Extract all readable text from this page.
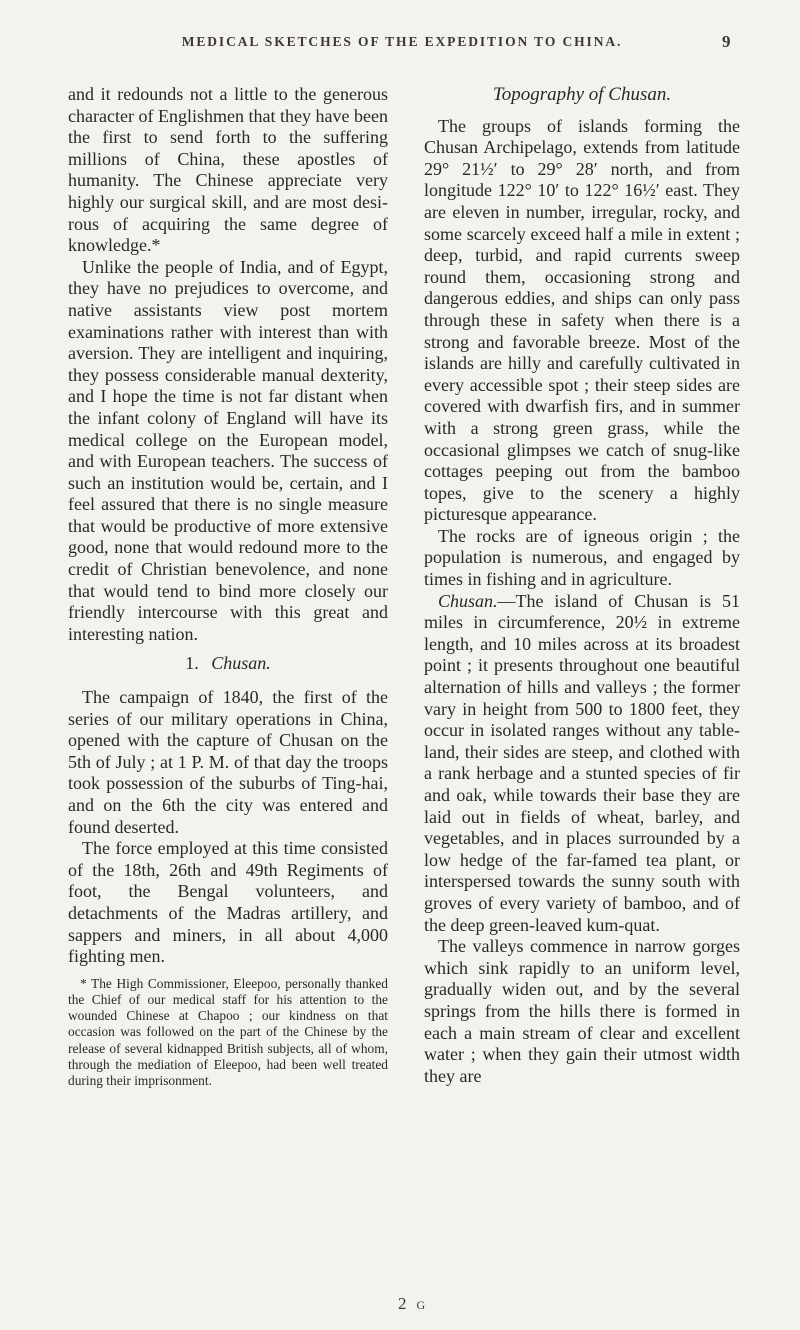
MEDICAL SKETCHES OF THE EXPEDITION TO CHINA.	9

and it redounds not a little to the generous character of Englishmen that they have been the first to send forth to the suffering millions of China, these apostles of humanity. The Chinese appreciate very highly our surgical skill, and are most desirous of acquiring the same degree of knowledge.*

Unlike the people of India, and of Egypt, they have no prejudices to overcome, and native assistants view post mortem examinations rather with interest than with aversion. They are intelligent and inquiring, they possess considerable manual dexterity, and I hope the time is not far distant when the infant colony of England will have its medical college on the European model, and with European teachers. The success of such an institution would be, certain, and I feel assured that there is no single measure that would be productive of more extensive good, none that would redound more to the credit of Christian benevolence, and none that would tend to bind more closely our friendly intercourse with this great and interesting nation.

1. Chusan.

The campaign of 1840, the first of the series of our military operations in China, opened with the capture of Chusan on the 5th of July ; at 1 P. M. of that day the troops took possession of the suburbs of Ting-hai, and on the 6th the city was entered and found deserted.

The force employed at this time consisted of the 18th, 26th and 49th Regiments of foot, the Bengal volunteers, and detachments of the Madras artillery, and sappers and miners, in all about 4,000 fighting men.

* The High Commissioner, Eleepoo, personally thanked the Chief of our medical staff for his attention to the wounded Chinese at Chapoo ; our kindness on that occasion was followed on the part of the Chinese by the release of several kidnapped British subjects, all of whom, through the mediation of Eleepoo, had been well treated during their imprisonment.
Topography of Chusan.

The groups of islands forming the Chusan Archipelago, extends from latitude 29° 21½′ to 29° 28′ north, and from longitude 122° 10′ to 122° 16½′ east. They are eleven in number, irregular, rocky, and some scarcely exceed half a mile in extent ; deep, turbid, and rapid currents sweep round them, occasioning strong and dangerous eddies, and ships can only pass through these in safety when there is a strong and favorable breeze. Most of the islands are hilly and carefully cultivated in every accessible spot ; their steep sides are covered with dwarfish firs, and in summer with a strong green grass, while the occasional glimpses we catch of snug-like cottages peeping out from the bamboo topes, give to the scenery a highly picturesque appearance.

The rocks are of igneous origin ; the population is numerous, and engaged by times in fishing and in agriculture.

Chusan.—The island of Chusan is 51 miles in circumference, 20½ in extreme length, and 10 miles across at its broadest point ; it presents throughout one beautiful alternation of hills and valleys ; the former vary in height from 500 to 1800 feet, they occur in isolated ranges without any table-land, their sides are steep, and clothed with a rank herbage and a stunted species of fir and oak, while towards their base they are laid out in fields of wheat, barley, and vegetables, and in places surrounded by a low hedge of the far-famed tea plant, or interspersed towards the sunny south with groves of every variety of bamboo, and of the deep green-leaved kum-quat.

The valleys commence in narrow gorges which sink rapidly to an uniform level, gradually widen out, and by the several springs from the hills there is formed in each a main stream of clear and excellent water ; when they gain their utmost width they are

2 G
